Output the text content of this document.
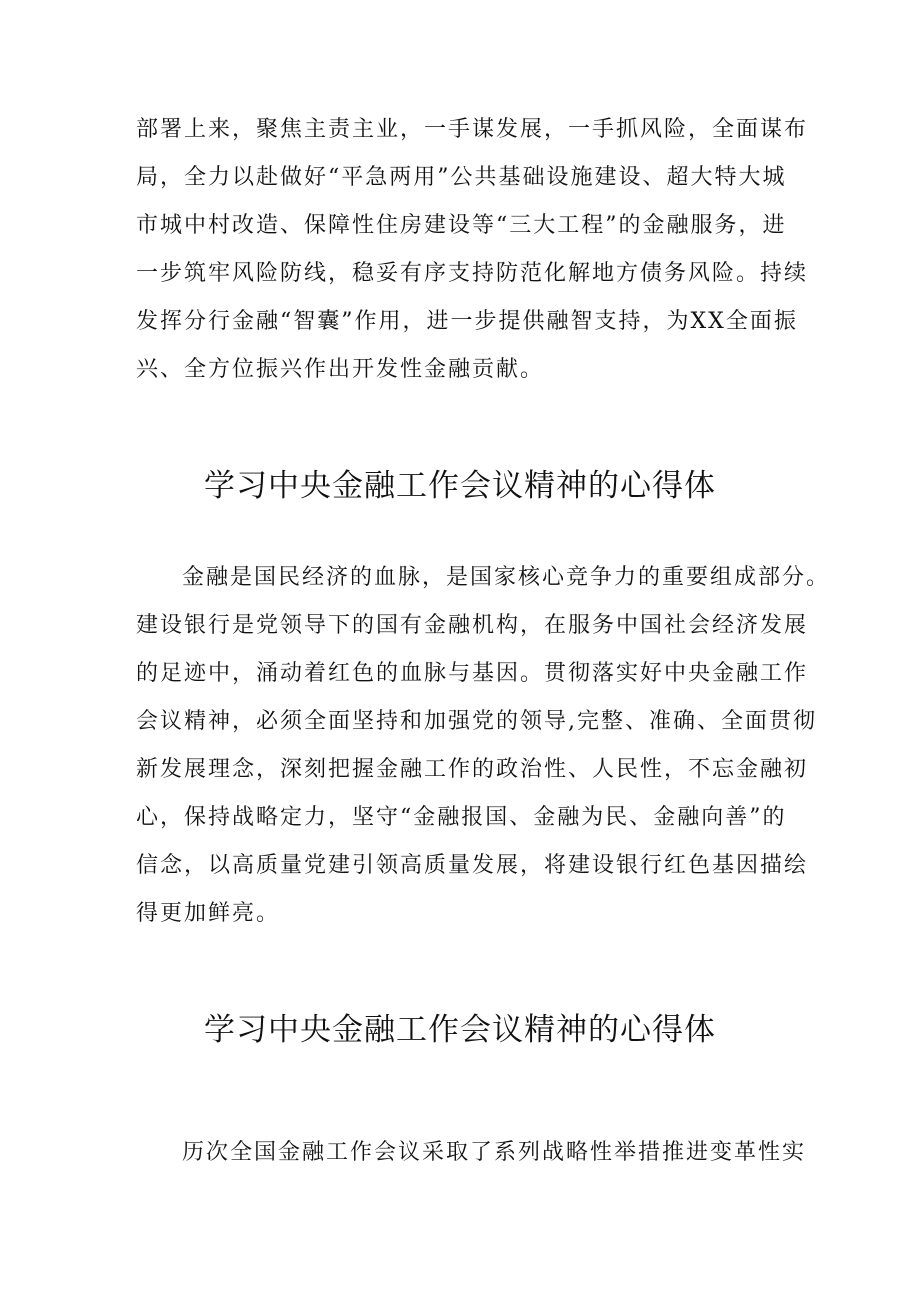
部署上来，聚焦主责主业，一手谋发展，一手抓风险，全面谋布
局，全力以赴做好“平急两用”公共基础设施建设、超大特大城
市城中村改造、保障性住房建设等“三大工程”的金融服务，进
一步筑牢风险防线，稳妥有序支持防范化解地方债务风险。持续
发挥分行金融“智囊”作用，进一步提供融智支持，为XX全面振
兴、全方位振兴作出开发性金融贡献。
学习中央金融工作会议精神的心得体
金融是国民经济的血脉，是国家核心竞争力的重要组成部分。
建设银行是党领导下的国有金融机构，在服务中国社会经济发展
的足迹中，涌动着红色的血脉与基因。贯彻落实好中央金融工作
会议精神，必须全面坚持和加强党的领导,完整、准确、全面贯彻
新发展理念，深刻把握金融工作的政治性、人民性，不忘金融初
心，保持战略定力，坚守“金融报国、金融为民、金融向善”的
信念，以高质量党建引领高质量发展，将建设银行红色基因描绘
得更加鲜亮。
学习中央金融工作会议精神的心得体
历次全国金融工作会议采取了系列战略性举措推进变革性实
